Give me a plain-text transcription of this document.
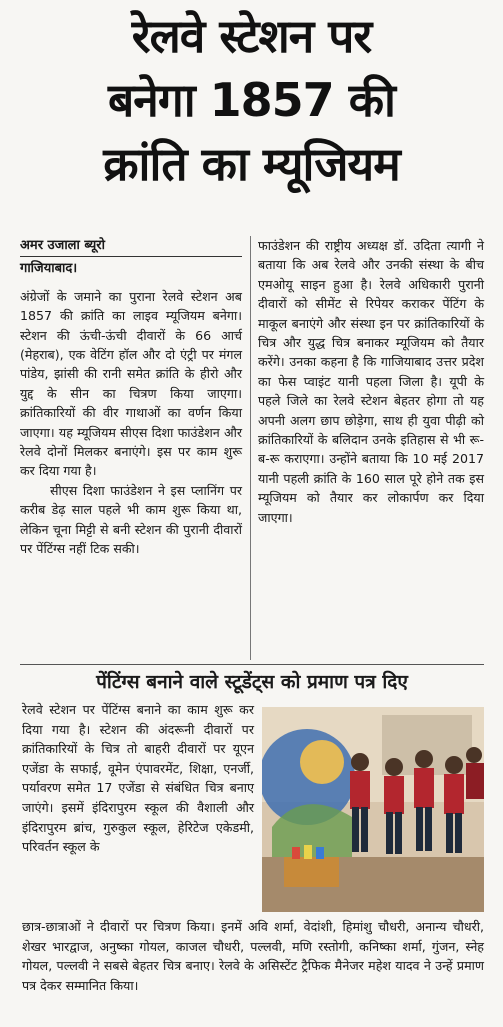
रेलवे स्टेशन पर
बनेगा 1857 की
क्रांति का म्यूजियम
अमर उजाला ब्यूरो
गाजियाबाद।

अंग्रेजों के जमाने का पुराना रेलवे स्टेशन अब 1857 की क्रांति का लाइव म्यूजियम बनेगा। स्टेशन की ऊंची-ऊंची दीवारों के 66 आर्च (मेहराब), एक वेटिंग हॉल और दो एंट्री पर मंगल पांडेय, झांसी की रानी समेत क्रांति के हीरो और युद्द के सीन का चित्रण किया जाएगा। क्रांतिकारियों की वीर गाथाओं का वर्णन किया जाएगा। यह म्यूजियम सीएस दिशा फाउंडेशन और रेलवे दोनों मिलकर बनाएंगे। इस पर काम शुरू कर दिया गया है।

सीएस दिशा फाउंडेशन ने इस प्लानिंग पर करीब डेढ़ साल पहले भी काम शुरू किया था, लेकिन चूना मिट्टी से बनी स्टेशन की पुरानी दीवारों पर पेंटिंग्स नहीं टिक सकी।

फाउंडेशन की राष्ट्रीय अध्यक्ष डॉ. उदिता त्यागी ने बताया कि अब रेलवे और उनकी संस्था के बीच एमओयू साइन हुआ है। रेलवे अधिकारी पुरानी दीवारों को सीमेंट से रिपेयर कराकर पेंटिंग के माकूल बनाएंगे और संस्था इन पर क्रांतिकारियों के चित्र और युद्ध चित्र बनाकर म्यूजियम को तैयार करेंगे। उनका कहना है कि गाजियाबाद उत्तर प्रदेश का फेस प्वाइंट यानी पहला जिला है। यूपी के पहले जिले का रेलवे स्टेशन बेहतर होगा तो यह अपनी अलग छाप छोड़ेगा, साथ ही युवा पीढ़ी को क्रांतिकारियों के बलिदान उनके इतिहास से भी रू-ब-रू कराएगा। उन्होंने बताया कि 10 मई 2017 यानी पहली क्रांति के 160 साल पूरे होने तक इस म्यूजियम को तैयार कर लोकार्पण कर दिया जाएगा।

पेंटिंग्स बनाने वाले स्टूडेंट्स को प्रमाण पत्र दिए
रेलवे स्टेशन पर पेंटिंग्स बनाने का काम शुरू कर दिया गया है। स्टेशन की अंदरूनी दीवारों पर क्रांतिकारियों के चित्र तो बाहरी दीवारों पर यूएन एजेंडा के सफाई, वूमेन एंपावरमेंट, शिक्षा, एनर्जी, पर्यावरण समेत 17 एजेंडा से संबंधित चित्र बनाए जाएंगे। इसमें इंदिरापुरम स्कूल की वैशाली और इंदिरापुरम ब्रांच, गुरुकुल स्कूल, हेरिटेज एकेडमी, परिवर्तन स्कूल के
छात्र-छात्राओं ने दीवारों पर चित्रण किया। इनमें अवि शर्मा, वेदांशी, हिमांशु चौधरी, अनान्य चौधरी, शेखर भारद्वाज, अनुष्का गोयल, काजल चौधरी, पल्लवी, मणि रस्तोगी, कनिष्का शर्मा, गुंजन, स्नेह गोयल, पल्लवी ने सबसे बेहतर चित्र बनाए। रेलवे के असिस्टेंट ट्रैफिक मैनेजर महेश यादव ने उन्हें प्रमाण पत्र देकर सम्मानित किया।
